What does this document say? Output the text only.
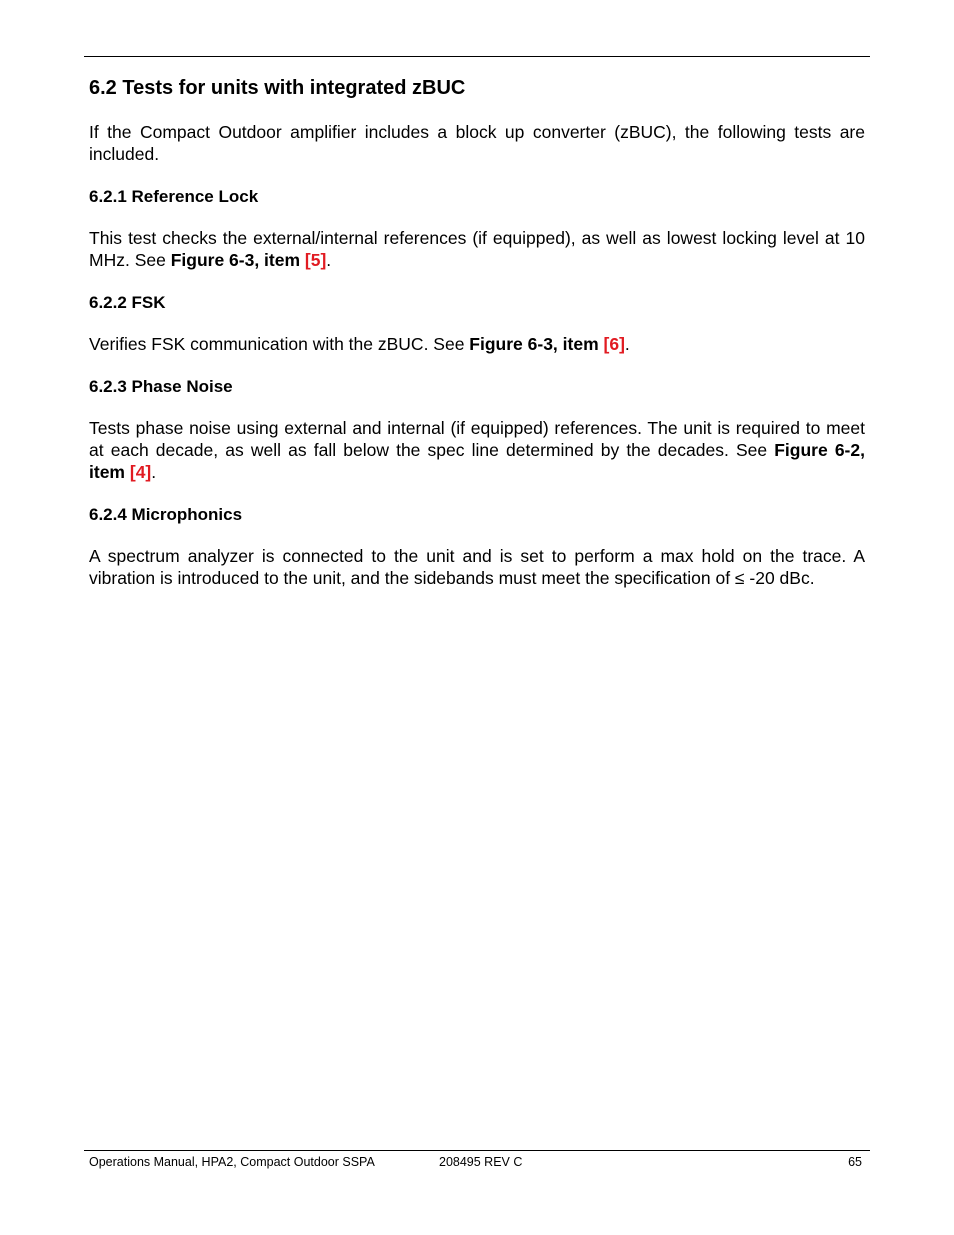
6.2 Tests for units with integrated zBUC

If the Compact Outdoor amplifier includes a block up converter (zBUC), the following tests are included.

6.2.1 Reference Lock

This test checks the external/internal references (if equipped), as well as lowest locking level at 10 MHz. See Figure 6-3, item [5].

6.2.2 FSK

Verifies FSK communication with the zBUC. See Figure 6-3, item [6].

6.2.3 Phase Noise

Tests phase noise using external and internal (if equipped) references. The unit is required to meet at each decade, as well as fall below the spec line determined by the decades. See Figure 6-2, item [4].

6.2.4 Microphonics

A spectrum analyzer is connected to the unit and is set to perform a max hold on the trace. A vibration is introduced to the unit, and the sidebands must meet the specification of ≤ -20 dBc.

Operations Manual, HPA2, Compact Outdoor SSPA	208495 REV C	65
